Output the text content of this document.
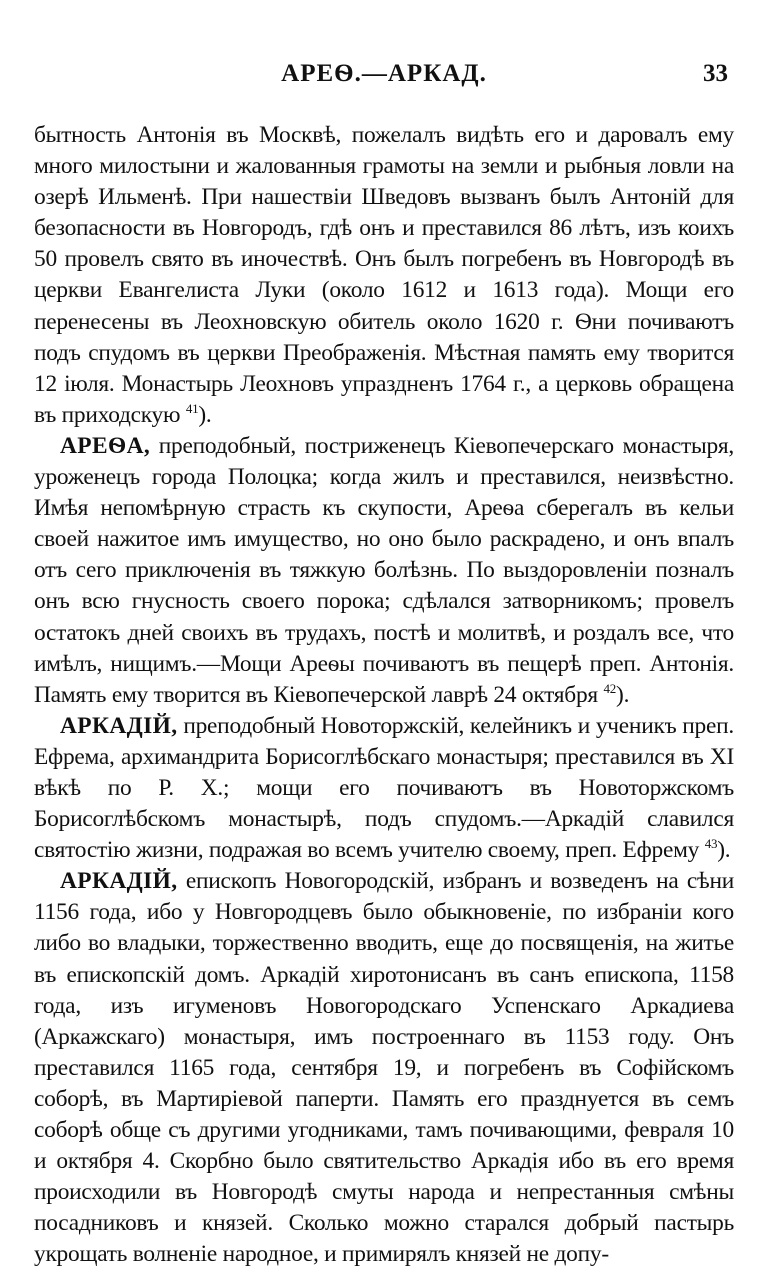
АРЕѲ.—АРКАД.	33

бытность Антонія въ Москвѣ, пожелалъ видѣть его и даровалъ ему много милостыни и жалованныя грамоты на земли и рыбныя ловли на озерѣ Ильменѣ. При нашествіи Шведовъ вызванъ былъ Антоній для безопасности въ Новгородъ, гдѣ онъ и преставился 86 лѣтъ, изъ коихъ 50 провелъ свято въ иночествѣ. Онъ былъ погребенъ въ Новгородѣ въ церкви Евангелиста Луки (около 1612 и 1613 года). Мощи его перенесены въ Леохновскую обитель около 1620 г. Ѳни почиваютъ подъ спудомъ въ церкви Преображенія. Мѣстная память ему творится 12 іюля. Монастырь Леохновъ упраздненъ 1764 г., а церковь обращена въ приходскую $^{41}$).

АРЕѲА, преподобный, постриженецъ Кіевопечерскаго монастыря, уроженецъ города Полоцка; когда жилъ и преставился, неизвѣстно. Имѣя непомѣрную страсть къ скупости, Ареѳа сберегалъ въ кельи своей нажитое имъ имущество, но оно было раскрадено, и онъ впалъ отъ сего приключенія въ тяжкую болѣзнь. По выздоровленіи позналъ онъ всю гнусность своего порока; сдѣлался затворникомъ; провелъ остатокъ дней своихъ въ трудахъ, постѣ и молитвѣ, и роздалъ все, что имѣлъ, нищимъ.—Мощи Ареѳы почиваютъ въ пещерѣ преп. Антонія. Память ему творится въ Кіевопечерской лаврѣ 24 октября $^{42}$).

АРКАДІЙ, преподобный Новоторжскій, келейникъ и ученикъ преп. Ефрема, архимандрита Борисоглѣбскаго монастыря; преставился въ XI вѣкѣ по Р. Х.; мощи его почиваютъ въ Новоторжскомъ Борисоглѣбскомъ монастырѣ, подъ спудомъ.—Аркадій славился святостію жизни, подражая во всемъ учителю своему, преп. Ефрему $^{43}$).

АРКАДІЙ, епископъ Новогородскій, избранъ и возведенъ на сѣни 1156 года, ибо у Новгородцевъ было обыкновеніе, по избраніи кого либо во владыки, торжественно вводить, еще до посвященія, на житье въ епископскій домъ. Аркадій хиротонисанъ въ санъ епископа, 1158 года, изъ игуменовъ Новогородскаго Успенскаго Аркадиева (Аркажскаго) монастыря, имъ построеннаго въ 1153 году. Онъ преставился 1165 года, сентября 19, и погребенъ въ Софійскомъ соборѣ, въ Мартиріевой паперти. Память его празднуется въ семъ соборѣ обще съ другими угодниками, тамъ почивающими, февраля 10 и октября 4. Скорбно было святительство Аркадія ибо въ его время происходили въ Новгородѣ смуты народа и непрестанныя смѣны посадниковъ и князей. Сколько можно старался добрый пастырь укрощать волненіе народное, и примирялъ князей не допу-
